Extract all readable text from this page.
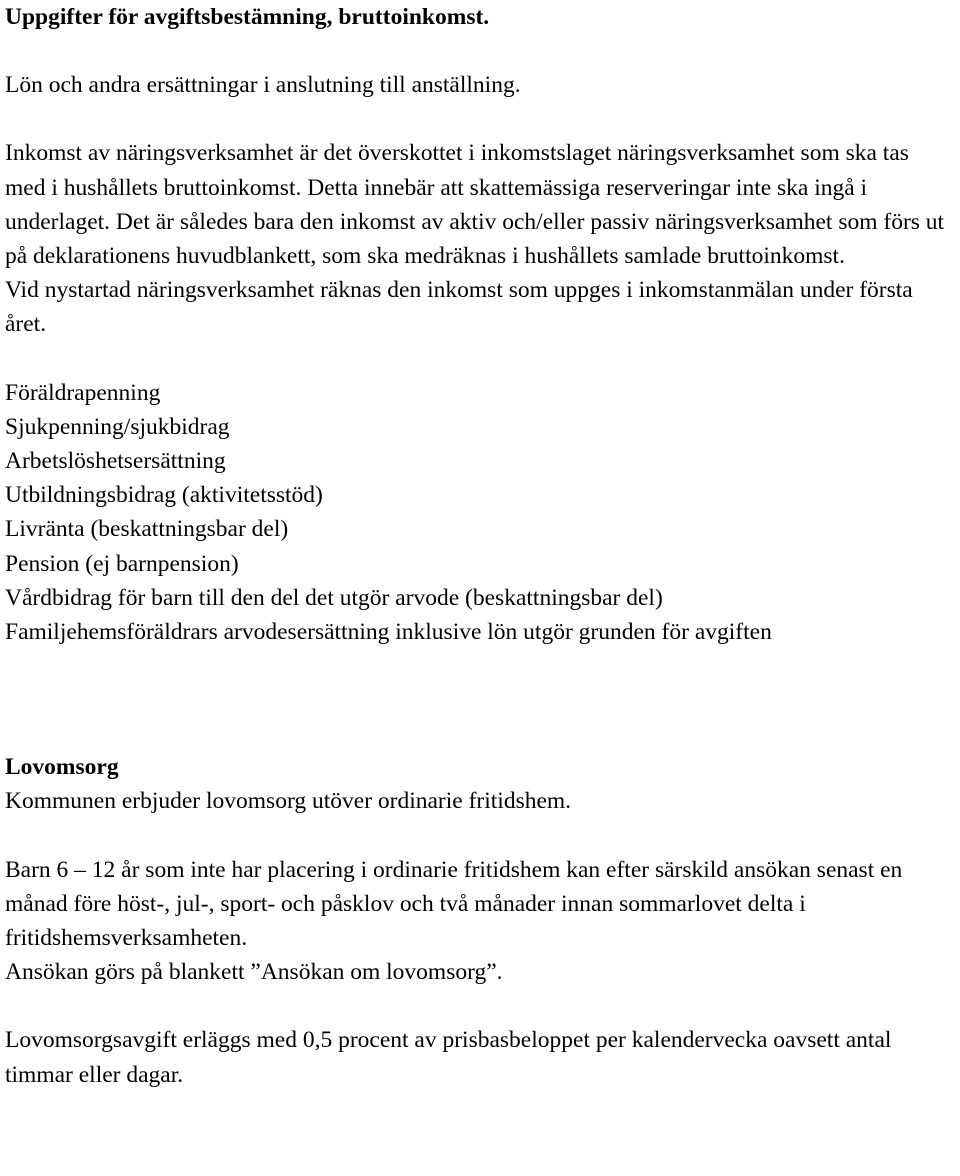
Uppgifter för avgiftsbestämning, bruttoinkomst.

Lön och andra ersättningar i anslutning till anställning.

Inkomst av näringsverksamhet är det överskottet i inkomstslaget näringsverksamhet som ska tas med i hushållets bruttoinkomst. Detta innebär att skattemässiga reserveringar inte ska ingå i underlaget. Det är således bara den inkomst av aktiv och/eller passiv näringsverksamhet som förs ut på deklarationens huvudblankett, som ska medräknas i hushållets samlade bruttoinkomst.

Vid nystartad näringsverksamhet räknas den inkomst som uppges i inkomstanmälan under första året.

Föräldrapenning
Sjukpenning/sjukbidrag
Arbetslöshetsersättning
Utbildningsbidrag (aktivitetsstöd)
Livränta (beskattningsbar del)
Pension (ej barnpension)
Vårdbidrag för barn till den del det utgör arvode (beskattningsbar del)
Familjehemsföräldrars arvodesersättning inklusive lön utgör grunden för avgiften

Lovomsorg

Kommunen erbjuder lovomsorg utöver ordinarie fritidshem.

Barn 6 – 12 år som inte har placering i ordinarie fritidshem kan efter särskild ansökan senast en månad före höst-, jul-, sport- och påsklov och två månader innan sommarlovet delta i fritidshemsverksamheten.

Ansökan görs på blankett ”Ansökan om lovomsorg”.

Lovomsorgsavgift erläggs med 0,5 procent av prisbasbeloppet per kalendervecka oavsett antal timmar eller dagar.
